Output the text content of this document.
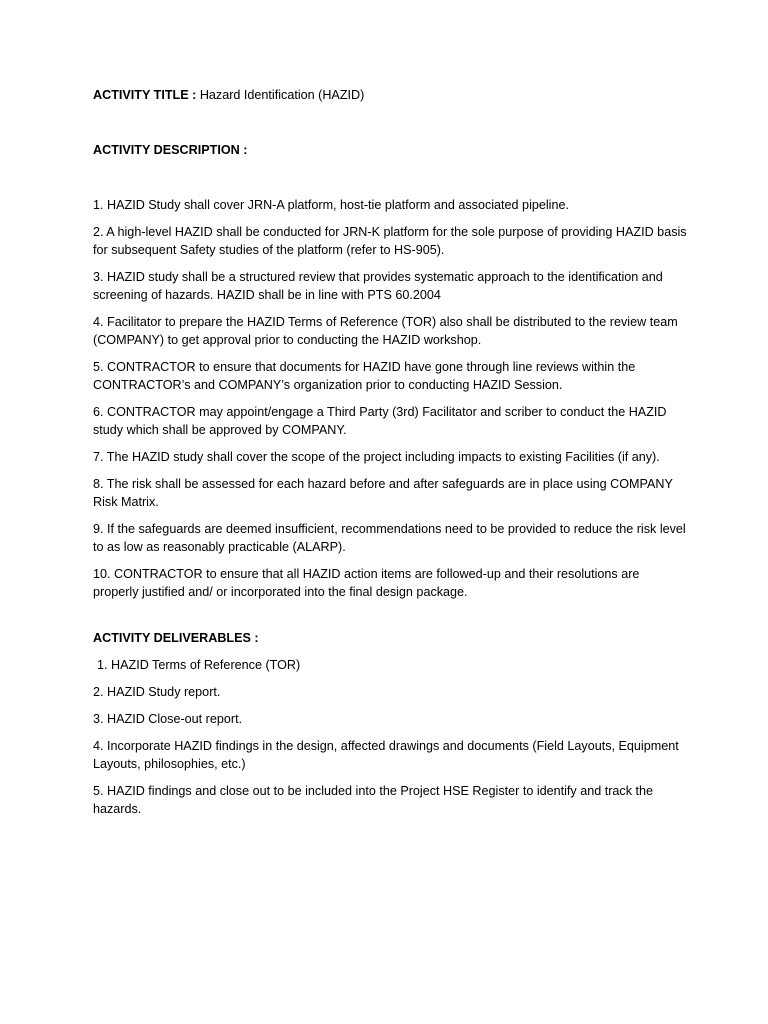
ACTIVITY TITLE : Hazard Identification (HAZID)

ACTIVITY DESCRIPTION :

1. HAZID Study shall cover JRN-A platform, host-tie platform and associated pipeline.
2. A high-level HAZID shall be conducted for JRN-K platform for the sole purpose of providing HAZID basis for subsequent Safety studies of the platform (refer to HS-905).
3. HAZID study shall be a structured review that provides systematic approach to the identification and screening of hazards. HAZID shall be in line with PTS 60.2004
4. Facilitator to prepare the HAZID Terms of Reference (TOR) also shall be distributed to the review team (COMPANY) to get approval prior to conducting the HAZID workshop.
5. CONTRACTOR to ensure that documents for HAZID have gone through line reviews within the CONTRACTOR’s and COMPANY’s organization prior to conducting HAZID Session.
6. CONTRACTOR may appoint/engage a Third Party (3rd) Facilitator and scriber to conduct the HAZID study which shall be approved by COMPANY.
7. The HAZID study shall cover the scope of the project including impacts to existing Facilities (if any).
8. The risk shall be assessed for each hazard before and after safeguards are in place using COMPANY Risk Matrix.
9. If the safeguards are deemed insufficient, recommendations need to be provided to reduce the risk level to as low as reasonably practicable (ALARP).
10. CONTRACTOR to ensure that all HAZID action items are followed-up and their resolutions are properly justified and/ or incorporated into the final design package.

ACTIVITY DELIVERABLES :

1. HAZID Terms of Reference (TOR)
2. HAZID Study report.
3. HAZID Close-out report.
4. Incorporate HAZID findings in the design, affected drawings and documents (Field Layouts, Equipment Layouts, philosophies, etc.)
5. HAZID findings and close out to be included into the Project HSE Register to identify and track the hazards.
